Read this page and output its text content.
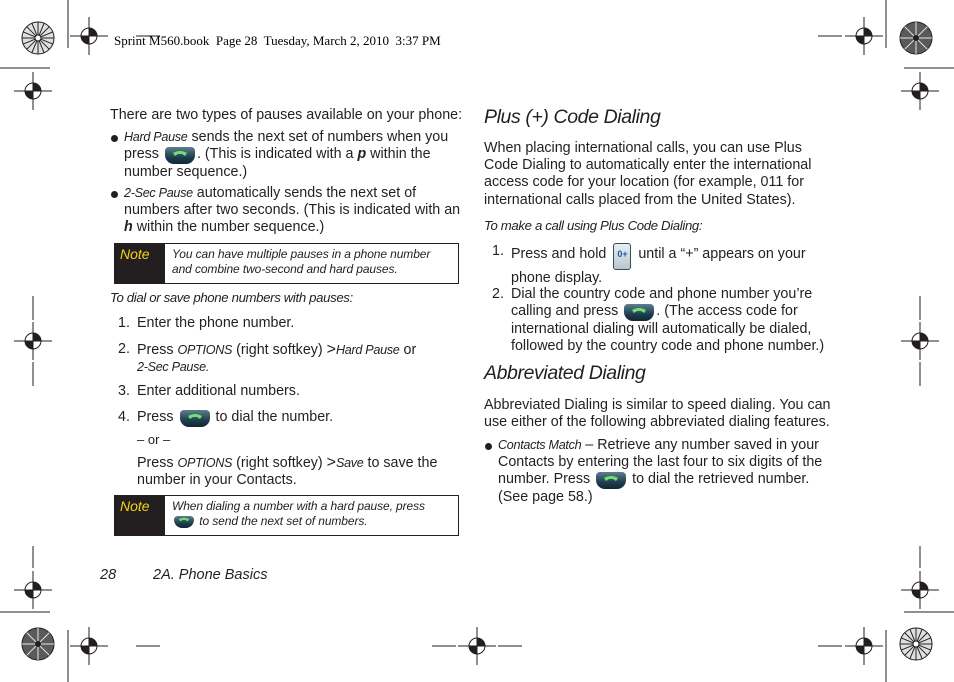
Sprint M560.book  Page 28  Tuesday, March 2, 2010  3:37 PM
There are two types of pauses available on your phone:
Hard Pause sends the next set of numbers when you
press
. (This is indicated with a p within the
number sequence.)
2-Sec Pause automatically sends the next set of
numbers after two seconds. (This is indicated with an
h within the number sequence.)
Note You can have multiple pauses in a phone number
and combine two-second and hard pauses.
To dial or save phone numbers with pauses:
1. Enter the phone number.
2. Press OPTIONS (right softkey) >Hard Pause or
2-Sec Pause.
3. Enter additional numbers.
4. Press
to dial the number.
– or –
Press OPTIONS (right softkey) >Save to save the
number in your Contacts.
Note When dialing a number with a hard pause, press
to send the next set of numbers.
Plus (+) Code Dialing
When placing international calls, you can use Plus
Code Dialing to automatically enter the international
access code for your location (for example, 011 for
international calls placed from the United States).
To make a call using Plus Code Dialing:
1. Press and hold 0+ until a “+” appears on your
phone display.
2. Dial the country code and phone number you’re
calling and press
. (The access code for
international dialing will automatically be dialed,
followed by the country code and phone number.)
Abbreviated Dialing
Abbreviated Dialing is similar to speed dialing. You can
use either of the following abbreviated dialing features.
Contacts Match – Retrieve any number saved in your
Contacts by entering the last four to six digits of the
number. Press
to dial the retrieved number.
(See page 58.)
28	2A. Phone Basics
